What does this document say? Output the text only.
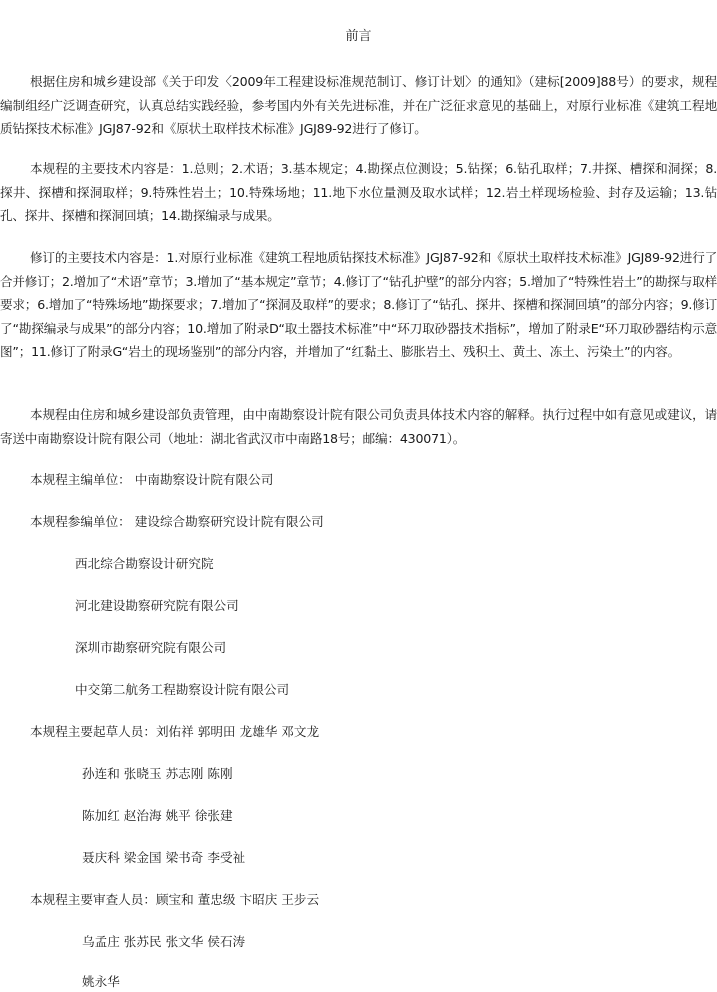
前言

根据住房和城乡建设部《关于印发〈2009年工程建设标准规范制订、修订计划〉的通知》（建标[2009]88号）的要求，规程编制组经广泛调查研究，认真总结实践经验，参考国内外有关先进标准，并在广泛征求意见的基础上，对原行业标准《建筑工程地质钻探技术标准》JGJ87-92和《原状土取样技术标准》JGJ89-92进行了修订。

本规程的主要技术内容是：1.总则；2.术语；3.基本规定；4.勘探点位测设；5.钻探；6.钻孔取样；7.井探、槽探和洞探；8.探井、探槽和探洞取样；9.特殊性岩土；10.特殊场地；11.地下水位量测及取水试样；12.岩土样现场检验、封存及运输；13.钻孔、探井、探槽和探洞回填；14.勘探编录与成果。

修订的主要技术内容是：1.对原行业标准《建筑工程地质钻探技术标准》JGJ87-92和《原状土取样技术标准》JGJ89-92进行了合并修订；2.增加了“术语”章节；3.增加了“基本规定”章节；4.修订了“钻孔护壁”的部分内容；5.增加了“特殊性岩土”的勘探与取样要求；6.增加了“特殊场地”勘探要求；7.增加了“探洞及取样”的要求；8.修订了“钻孔、探井、探槽和探洞回填”的部分内容；9.修订了“勘探编录与成果”的部分内容；10.增加了附录D“取土器技术标准”中“环刀取砂器技术指标”，增加了附录E“环刀取砂器结构示意图”；11.修订了附录G“岩土的现场鉴别”的部分内容，并增加了“红黏土、膨胀岩土、残积土、黄土、冻土、污染土”的内容。

本规程由住房和城乡建设部负责管理，由中南勘察设计院有限公司负责具体技术内容的解释。执行过程中如有意见或建议，请寄送中南勘察设计院有限公司（地址：湖北省武汉市中南路18号；邮编：430071）。

本规程主编单位： 中南勘察设计院有限公司

本规程参编单位： 建设综合勘察研究设计院有限公司

西北综合勘察设计研究院

河北建设勘察研究院有限公司

深圳市勘察研究院有限公司

中交第二航务工程勘察设计院有限公司

本规程主要起草人员：刘佑祥 郭明田 龙雄华 邓文龙

孙连和 张晓玉 苏志刚 陈刚

陈加红 赵治海 姚平 徐张建

聂庆科 梁金国 梁书奇 李受祉

本规程主要审查人员：顾宝和 董忠级 卞昭庆 王步云

乌孟庄 张苏民 张文华 侯石涛

姚永华
